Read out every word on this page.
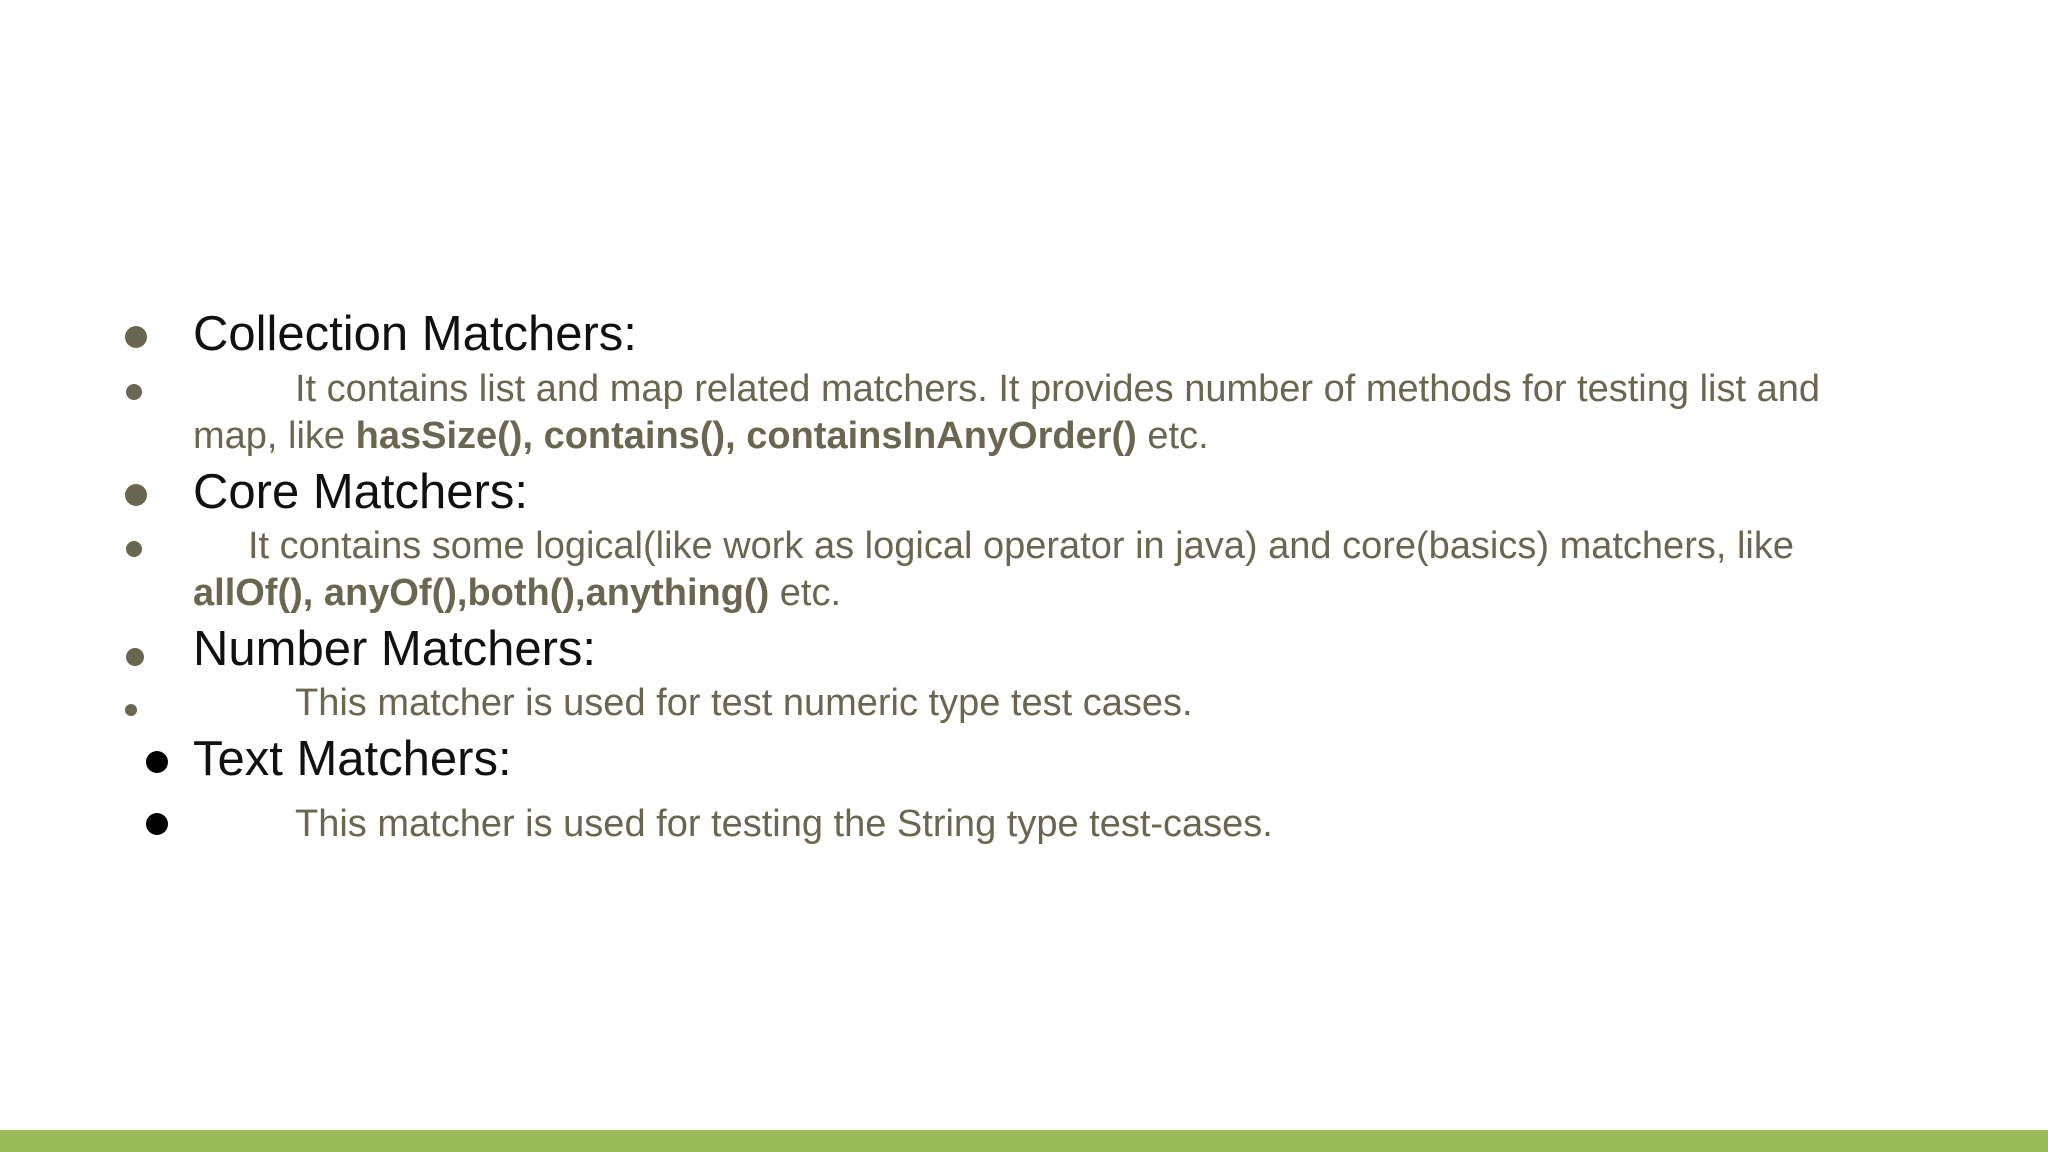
Collection Matchers:
It contains list and map related matchers. It provides number of methods for testing list and
map, like hasSize(), contains(), containsInAnyOrder() etc.
Core Matchers:
It contains some logical(like work as logical operator in java) and core(basics) matchers, like
allOf(), anyOf(),both(),anything() etc.
Number Matchers:
This matcher is used for test numeric type test cases.
Text Matchers:
This matcher is used for testing the String type test-cases.
